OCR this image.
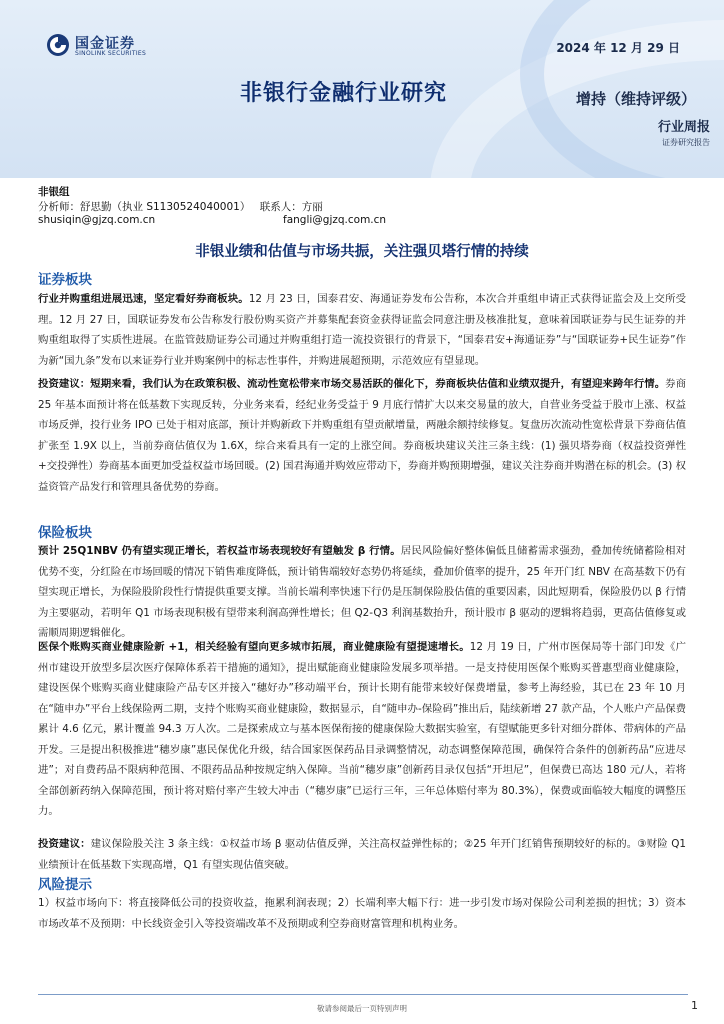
国金证券
SINOLINK SECURITIES	2024 年 12 月 29 日
非银行金融行业研究	增持（维持评级）
行业周报
证券研究报告
非银组
分析师：舒思勤（执业 S1130524040001） 联系人：方丽
shusiqin@gjzq.com.cn	fangli@gjzq.com.cn
非银业绩和估值与市场共振，关注强贝塔行情的持续
证券板块
行业并购重组进展迅速，坚定看好券商板块。12 月 23 日，国泰君安、海通证券发布公告称，本次合并重组申请正式获得证监会及上交所受理。12 月 27 日，国联证券发布公告称发行股份购买资产并募集配套资金获得证监会同意注册及核准批复，意味着国联证券与民生证券的并购重组取得了实质性进展。在监管鼓励证券公司通过并购重组打造一流投资银行的背景下，“国泰君安+海通证券”与“国联证券+民生证券”作为新“国九条”发布以来证券行业并购案例中的标志性事件，并购进展超预期，示范效应有望显现。
投资建议：短期来看，我们认为在政策积极、流动性宽松带来市场交易活跃的催化下，券商板块估值和业绩双提升，有望迎来跨年行情。券商 25 年基本面预计将在低基数下实现反转，分业务来看，经纪业务受益于 9 月底行情扩大以来交易量的放大，自营业务受益于股市上涨、权益市场反弹，投行业务 IPO 已处于相对底部，预计并购新政下并购重组有望贡献增量，两融余额持续修复。复盘历次流动性宽松背景下券商估值扩张至 1.9X 以上，当前券商估值仅为 1.6X，综合来看具有一定的上涨空间。券商板块建议关注三条主线：(1) 强贝塔券商（权益投资弹性+交投弹性）券商基本面更加受益权益市场回暖。(2) 国君海通并购效应带动下，券商并购预期增强，建议关注券商并购潜在标的机会。(3) 权益资管产品发行和管理具备优势的券商。
保险板块
预计 25Q1NBV 仍有望实现正增长，若权益市场表现较好有望触发 β 行情。居民风险偏好整体偏低且储蓄需求强劲，叠加传统储蓄险相对优势不变，分红险在市场回暖的情况下销售难度降低，预计销售端较好态势仍将延续，叠加价值率的提升，25 年开门红 NBV 在高基数下仍有望实现正增长，为保险股阶段性行情提供重要支撑。当前长端利率快速下行仍是压制保险股估值的重要因素，因此短期看，保险股仍以 β 行情为主要驱动，若明年 Q1 市场表现积极有望带来利润高弹性增长；但 Q2-Q3 利润基数抬升，预计股市 β 驱动的逻辑将趋弱，更高估值修复或需顺周期逻辑催化。
医保个账购买商业健康险新 +1，相关经验有望向更多城市拓展，商业健康险有望提速增长。12 月 19 日，广州市医保局等十部门印发《广州市建设开放型多层次医疗保障体系若干措施的通知》，提出赋能商业健康险发展多项举措。一是支持使用医保个账购买普惠型商业健康险，建设医保个账购买商业健康险产品专区并接入“穗好办”移动端平台，预计长期有能带来较好保费增量，参考上海经验，其已在 23 年 10 月在“随申办”平台上线保险两二期，支持个账购买商业健康险，数据显示，自“随申办-保险码”推出后，陆续新增 27 款产品，个人账户产品保费累计 4.6 亿元，累计覆盖 94.3 万人次。二是探索成立与基本医保衔接的健康保险大数据实验室，有望赋能更多针对细分群体、带病体的产品开发。三是提出积极推进“穗岁康”惠民保优化升级，结合国家医保药品目录调整情况，动态调整保障范围，确保符合条件的创新药品“应进尽进”；对自费药品不限病种范围、不限药品品种按规定纳入保障。当前“穗岁康”创新药目录仅包括“开坦尼”，但保费已高达 180 元/人，若将全部创新药纳入保障范围，预计将对赔付率产生较大冲击（“穗岁康”已运行三年，三年总体赔付率为 80.3%），保费或面临较大幅度的调整压力。
投资建议：建议保险股关注 3 条主线：①权益市场 β 驱动估值反弹，关注高权益弹性标的；②25 年开门红销售预期较好的标的。③财险 Q1 业绩预计在低基数下实现高增，Q1 有望实现估值突破。
风险提示
1）权益市场向下：将直接降低公司的投资收益，拖累利润表现；2）长端利率大幅下行：进一步引发市场对保险公司利差损的担忧；3）资本市场改革不及预期：中长线资金引入等投资端改革不及预期或利空券商财富管理和机构业务。
敬请参阅最后一页特别声明	1
